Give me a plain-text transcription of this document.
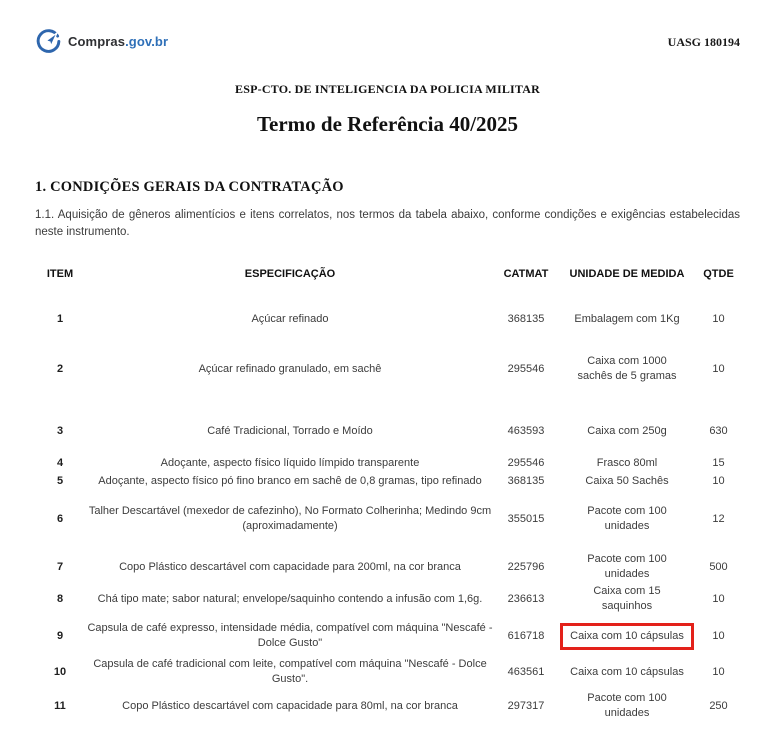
Compras.gov.br	UASG 180194
ESP-CTO. DE INTELIGENCIA DA POLICIA MILITAR
Termo de Referência 40/2025
1. CONDIÇÕES GERAIS DA CONTRATAÇÃO

1.1. Aquisição de gêneros alimentícios e itens correlatos, nos termos da tabela abaixo, conforme condições e exigências estabelecidas neste instrumento.

ITEM	ESPECIFICAÇÃO	CATMAT	UNIDADE DE MEDIDA	QTDE
1	Açúcar refinado	368135	Embalagem com 1Kg	10
2	Açúcar refinado granulado, em sachê	295546	Caixa com 1000 sachês de 5 gramas	10
3	Café Tradicional, Torrado e Moído	463593	Caixa com 250g	630
4	Adoçante, aspecto físico líquido límpido transparente	295546	Frasco 80ml	15
5	Adoçante, aspecto físico pó fino branco em sachê de 0,8 gramas, tipo refinado	368135	Caixa 50 Sachês	10
6	Talher Descartável (mexedor de cafezinho), No Formato Colherinha; Medindo 9cm (aproximadamente)	355015	Pacote com 100 unidades	12
7	Copo Plástico descartável com capacidade para 200ml, na cor branca	225796	Pacote com 100 unidades	500
8	Chá tipo mate; sabor natural; envelope/saquinho contendo a infusão com 1,6g.	236613	Caixa com 15 saquinhos	10
9	Capsula de café expresso, intensidade média, compatível com máquina "Nescafé - Dolce Gusto"	616718	Caixa com 10 cápsulas	10
10	Capsula de café tradicional com leite, compatível com máquina "Nescafé - Dolce Gusto".	463561	Caixa com 10 cápsulas	10
11	Copo Plástico descartável com capacidade para 80ml, na cor branca	297317	Pacote com 100 unidades	250
